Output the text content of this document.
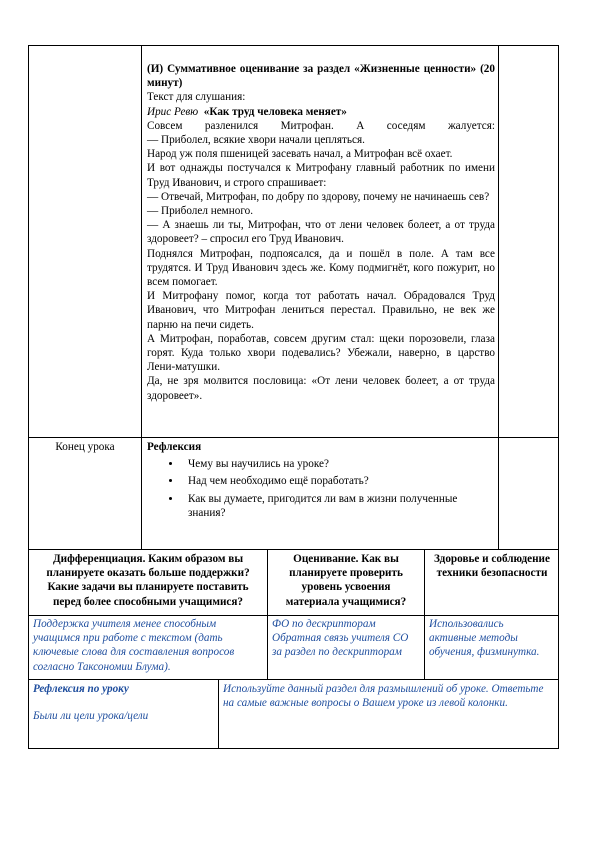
(И) Суммативное оценивание за раздел «Жизненные ценности» (20 минут)

Текст для слушания:

Ирис Ревю «Как труд человека меняет»

Совсем разленился Митрофан. А соседям жалуется:

— Приболел, всякие хвори начали цепляться.

Народ уж поля пшеницей засевать начал, а Митрофан всё охает.

И вот однажды постучался к Митрофану главный работник по имени Труд Иванович, и строго спрашивает:

— Отвечай, Митрофан, по добру по здорову, почему не начинаешь сев?

— Приболел немного.

— А знаешь ли ты, Митрофан, что от лени человек болеет, а от труда здоровеет? – спросил его Труд Иванович.

Поднялся Митрофан, подпоясался, да и пошёл в поле. А там все трудятся. И Труд Иванович здесь же. Кому подмигнёт, кого пожурит, но всем помогает.

И Митрофану помог, когда тот работать начал. Обрадовался Труд Иванович, что Митрофан лениться перестал. Правильно, не век же парню на печи сидеть.

А Митрофан, поработав, совсем другим стал: щеки порозовели, глаза горят. Куда только хвори подевались? Убежали, наверно, в царство Лени-матушки.

Да, не зря молвится пословица: «От лени человек болеет, а от труда здоровеет».

Конец урока	Рефлексия
• Чему вы научились на уроке?
• Над чем необходимо ещё поработать?
• Как вы думаете, пригодится ли вам в жизни полученные знания?
Дифференциация. Каким образом вы планируете оказать больше поддержки? Какие задачи вы планируете поставить перед более способными учащимися?
Оценивание. Как вы планируете проверить уровень усвоения материала учащимися?
Здоровье и соблюдение техники безопасности
Поддержка учителя менее способным учащимся при работе с текстом (дать ключевые слова для составления вопросов согласно Таксономии Блума).
ФО по дескрипторам Обратная связь учителя СО за раздел по дескрипторам
Использовались активные методы обучения, физминутка.
Рефлексия по уроку
Были ли цели урока/цели
Используйте данный раздел для размышлений об уроке. Ответьте на самые важные вопросы о Вашем уроке из левой колонки.
